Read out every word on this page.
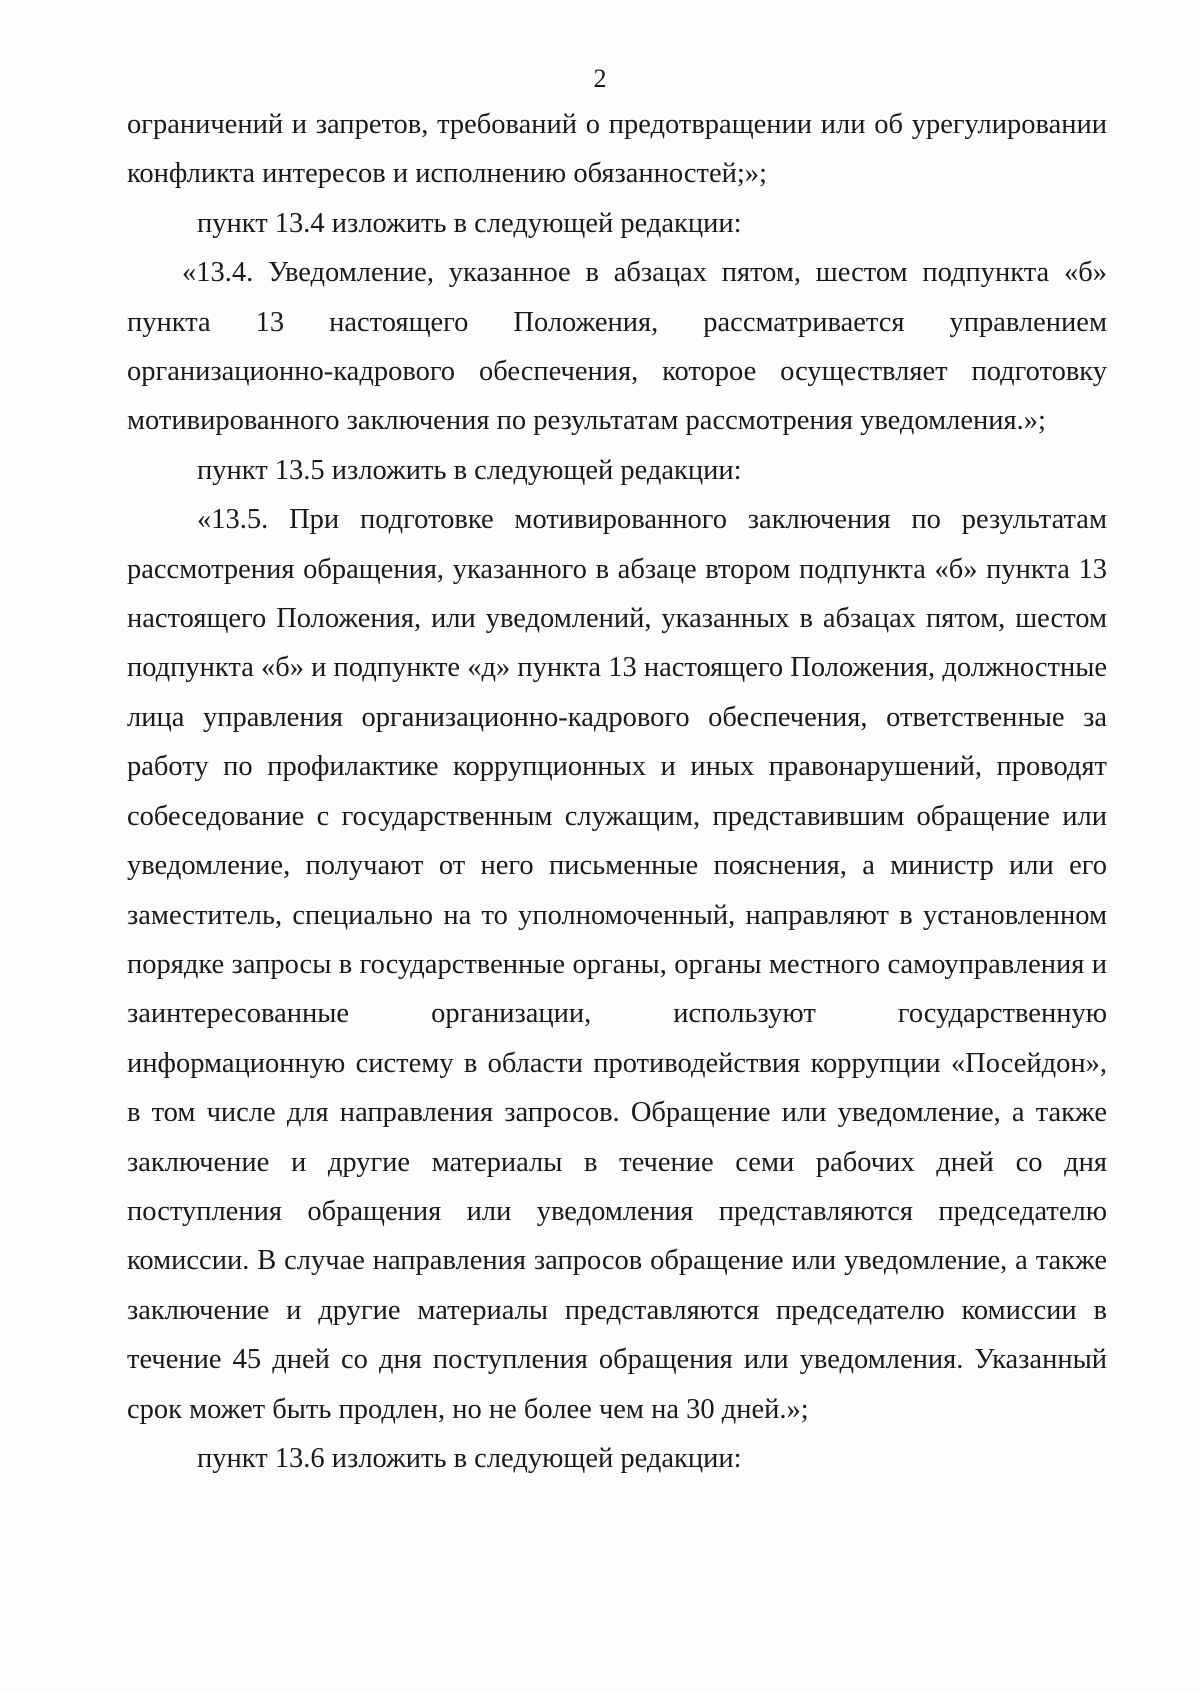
2

ограничений и запретов, требований о предотвращении или об урегулировании конфликта интересов и исполнению обязанностей;»;

пункт 13.4 изложить в следующей редакции:

«13.4. Уведомление, указанное в абзацах пятом, шестом подпункта «б» пункта 13 настоящего Положения, рассматривается управлением организационно-кадрового обеспечения, которое осуществляет подготовку мотивированного заключения по результатам рассмотрения уведомления.»;

пункт 13.5 изложить в следующей редакции:

«13.5. При подготовке мотивированного заключения по результатам рассмотрения обращения, указанного в абзаце втором подпункта «б» пункта 13 настоящего Положения, или уведомлений, указанных в абзацах пятом, шестом подпункта «б» и подпункте «д» пункта 13 настоящего Положения, должностные лица управления организационно-кадрового обеспечения, ответственные за работу по профилактике коррупционных и иных правонарушений, проводят собеседование с государственным служащим, представившим обращение или уведомление, получают от него письменные пояснения, а министр или его заместитель, специально на то уполномоченный, направляют в установленном порядке запросы в государственные органы, органы местного самоуправления и заинтересованные организации, используют государственную информационную систему в области противодействия коррупции «Посейдон», в том числе для направления запросов. Обращение или уведомление, а также заключение и другие материалы в течение семи рабочих дней со дня поступления обращения или уведомления представляются председателю комиссии. В случае направления запросов обращение или уведомление, а также заключение и другие материалы представляются председателю комиссии в течение 45 дней со дня поступления обращения или уведомления. Указанный срок может быть продлен, но не более чем на 30 дней.»;

пункт 13.6 изложить в следующей редакции:
